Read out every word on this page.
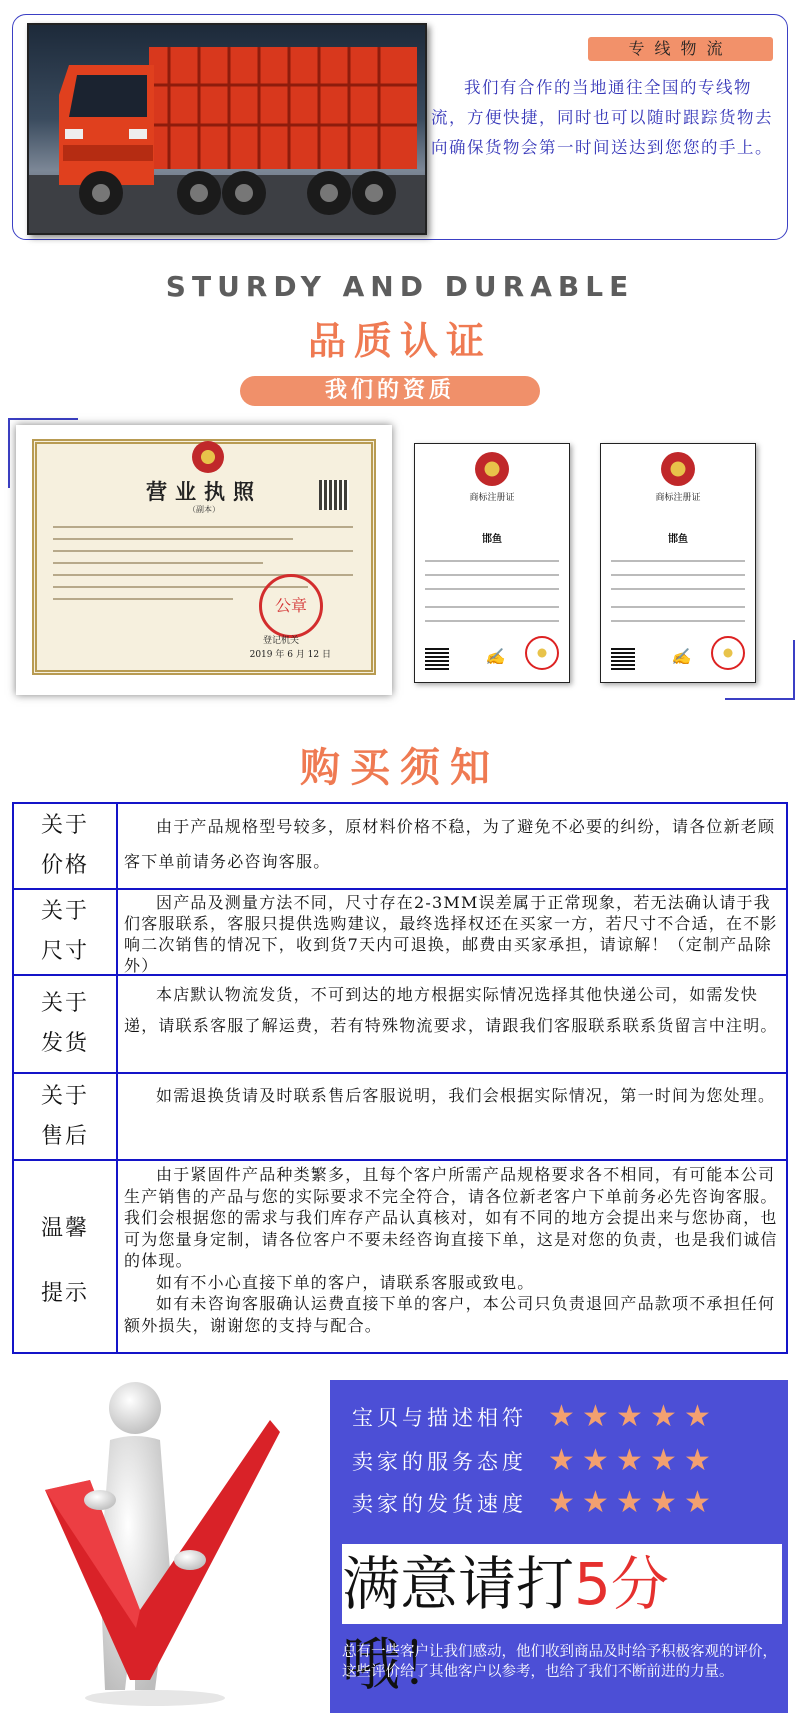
专线物流
我们有合作的当地通往全国的专线物流，方便快捷，同时也可以随时跟踪货物去向确保货物会第一时间送达到您您的手上。
STURDY AND DURABLE
品质认证
我们的资质
营业执照
（副本）
公章
登记机关
2019 年 6 月 12 日
商标注册证
邯鱼
✍
商标注册证
邯鱼
✍
购买须知
关于
价格

由于产品规格型号较多，原材料价格不稳，为了避免不必要的纠纷，请各位新老顾客下单前请务必咨询客服。

关于
尺寸

因产品及测量方法不同，尺寸存在2-3MM误差属于正常现象，若无法确认请于我们客服联系，客服只提供选购建议，最终选择权还在买家一方，若尺寸不合适，在不影响二次销售的情况下，收到货7天内可退换，邮费由买家承担，请谅解！（定制产品除外）

关于
发货

本店默认物流发货，不可到达的地方根据实际情况选择其他快递公司，如需发快递，请联系客服了解运费，若有特殊物流要求，请跟我们客服联系联系货留言中注明。

关于
售后

如需退换货请及时联系售后客服说明，我们会根据实际情况，第一时间为您处理。

温馨
提示

由于紧固件产品种类繁多，且每个客户所需产品规格要求各不相同，有可能本公司生产销售的产品与您的实际要求不完全符合，请各位新老客户下单前务必先咨询客服。我们会根据您的需求与我们库存产品认真核对，如有不同的地方会提出来与您协商，也可为您量身定制，请各位客户不要未经咨询直接下单，这是对您的负责，也是我们诚信的体现。

如有不小心直接下单的客户，请联系客服或致电。

如有未咨询客服确认运费直接下单的客户，本公司只负责退回产品款项不承担任何额外损失，谢谢您的支持与配合。

宝贝与描述相符 ★ ★ ★ ★ ★
卖家的服务态度 ★ ★ ★ ★ ★
卖家的发货速度 ★ ★ ★ ★ ★
满意请打5分哦！
总有一些客户让我们感动，他们收到商品及时给予积极客观的评价，这些评价给了其他客户以参考，也给了我们不断前进的力量。
